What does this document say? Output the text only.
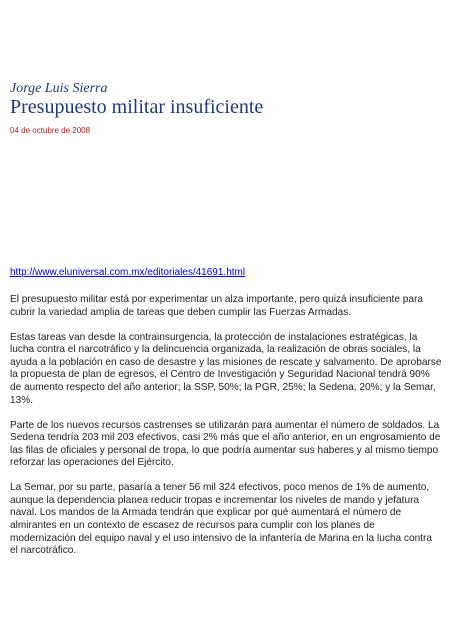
Jorge Luis Sierra

Presupuesto militar insuficiente

04 de octubre de 2008

http://www.eluniversal.com.mx/editoriales/41691.html

El presupuesto militar está por experimentar un alza importante, pero quizá insuficiente para cubrir la variedad amplia de tareas que deben cumplir las Fuerzas Armadas.

Estas tareas van desde la contrainsurgencia, la protección de instalaciones estratégicas, la lucha contra el narcotráfico y la delincuencia organizada, la realización de obras sociales, la ayuda a la población en caso de desastre y las misiones de rescate y salvamento. De aprobarse la propuesta de plan de egresos, el Centro de Investigación y Seguridad Nacional tendrá 90% de aumento respecto del año anterior; la SSP, 50%; la PGR, 25%; la Sedena, 20%; y la Semar, 13%.

Parte de los nuevos recursos castrenses se utilizarán para aumentar el número de soldados. La Sedena tendría 203 mil 203 efectivos, casi 2% más que el año anterior, en un engrosamiento de las filas de oficiales y personal de tropa, lo que podría aumentar sus haberes y al mismo tiempo reforzar las operaciones del Ejército.

La Semar, por su parte, pasaría a tener 56 mil 324 efectivos, poco menos de 1% de aumento, aunque la dependencia planea reducir tropas e incrementar los niveles de mando y jefatura naval. Los mandos de la Armada tendrán que explicar por qué aumentará el número de almirantes en un contexto de escasez de recursos para cumplir con los planes de modernización del equipo naval y el uso intensivo de la infantería de Marina en la lucha contra el narcotráfico.
